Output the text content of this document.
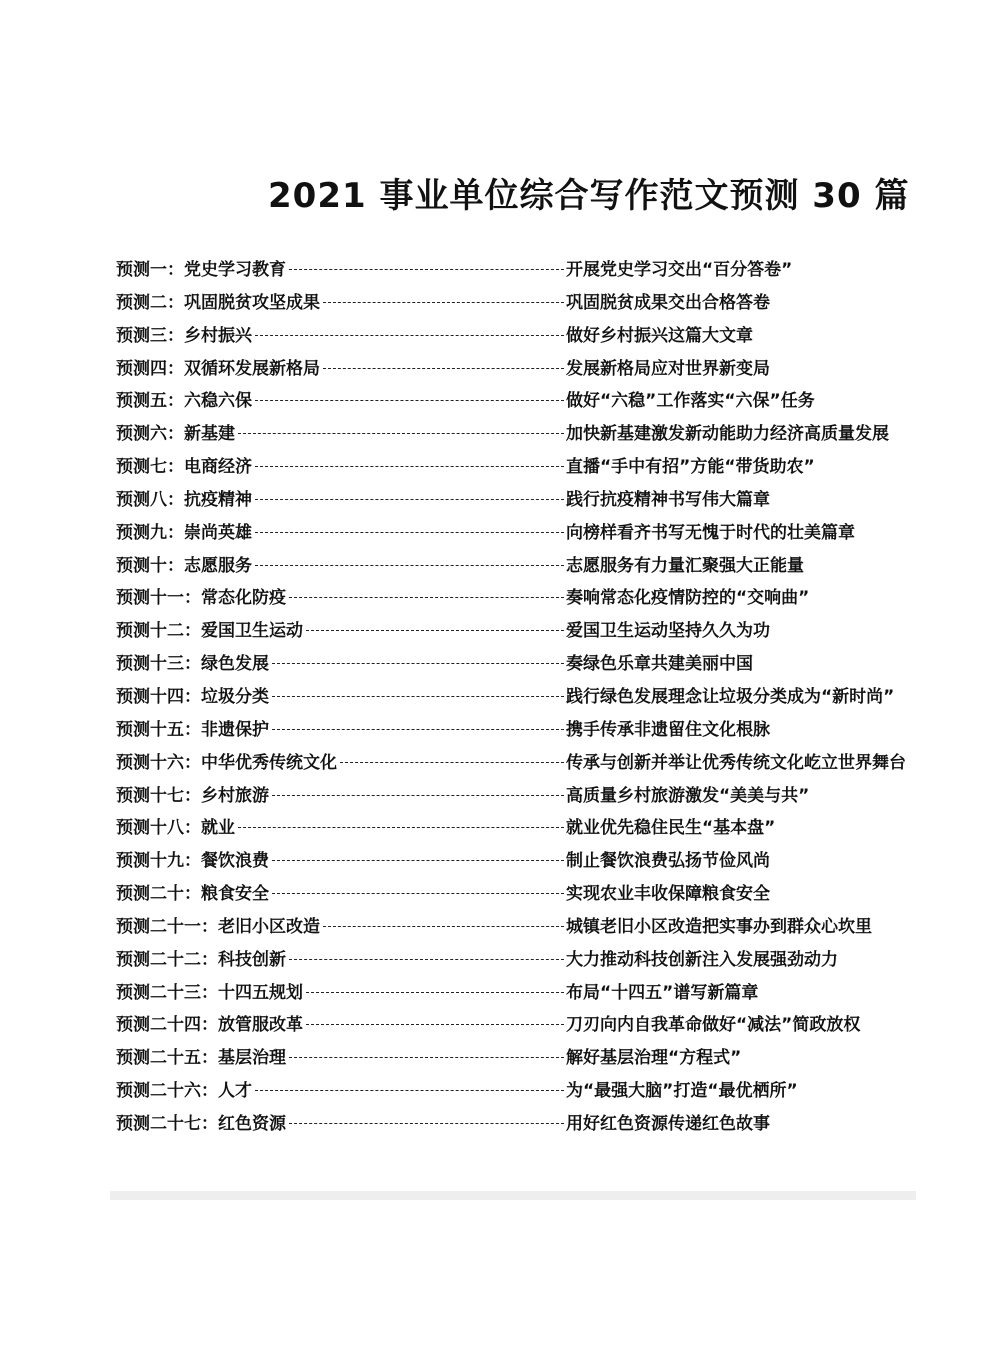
2021 事业单位综合写作范文预测 30 篇
预测一： 党史学习教育	开展党史学习交出“百分答卷”
预测二： 巩固脱贫攻坚成果	巩固脱贫成果交出合格答卷
预测三： 乡村振兴	做好乡村振兴这篇大文章
预测四： 双循环发展新格局	发展新格局应对世界新变局
预测五： 六稳六保	做好“六稳”工作落实“六保”任务
预测六： 新基建	加快新基建激发新动能助力经济高质量发展
预测七： 电商经济	直播“手中有招”方能“带货助农”
预测八： 抗疫精神	践行抗疫精神书写伟大篇章
预测九： 崇尚英雄	向榜样看齐书写无愧于时代的壮美篇章
预测十： 志愿服务	志愿服务有力量汇聚强大正能量
预测十一： 常态化防疫	奏响常态化疫情防控的“交响曲”
预测十二： 爱国卫生运动	爱国卫生运动坚持久久为功
预测十三： 绿色发展	奏绿色乐章共建美丽中国
预测十四： 垃圾分类	践行绿色发展理念让垃圾分类成为“新时尚”
预测十五： 非遗保护	携手传承非遗留住文化根脉
预测十六： 中华优秀传统文化	传承与创新并举让优秀传统文化屹立世界舞台
预测十七： 乡村旅游	高质量乡村旅游激发“美美与共”
预测十八： 就业	就业优先稳住民生“基本盘”
预测十九： 餐饮浪费	制止餐饮浪费弘扬节俭风尚
预测二十： 粮食安全	实现农业丰收保障粮食安全
预测二十一： 老旧小区改造	城镇老旧小区改造把实事办到群众心坎里
预测二十二： 科技创新	大力推动科技创新注入发展强劲动力
预测二十三： 十四五规划	布局“十四五”谱写新篇章
预测二十四： 放管服改革	刀刃向内自我革命做好“减法”简政放权
预测二十五： 基层治理	解好基层治理“方程式”
预测二十六： 人才	为“最强大脑”打造“最优栖所”
预测二十七： 红色资源	用好红色资源传递红色故事
